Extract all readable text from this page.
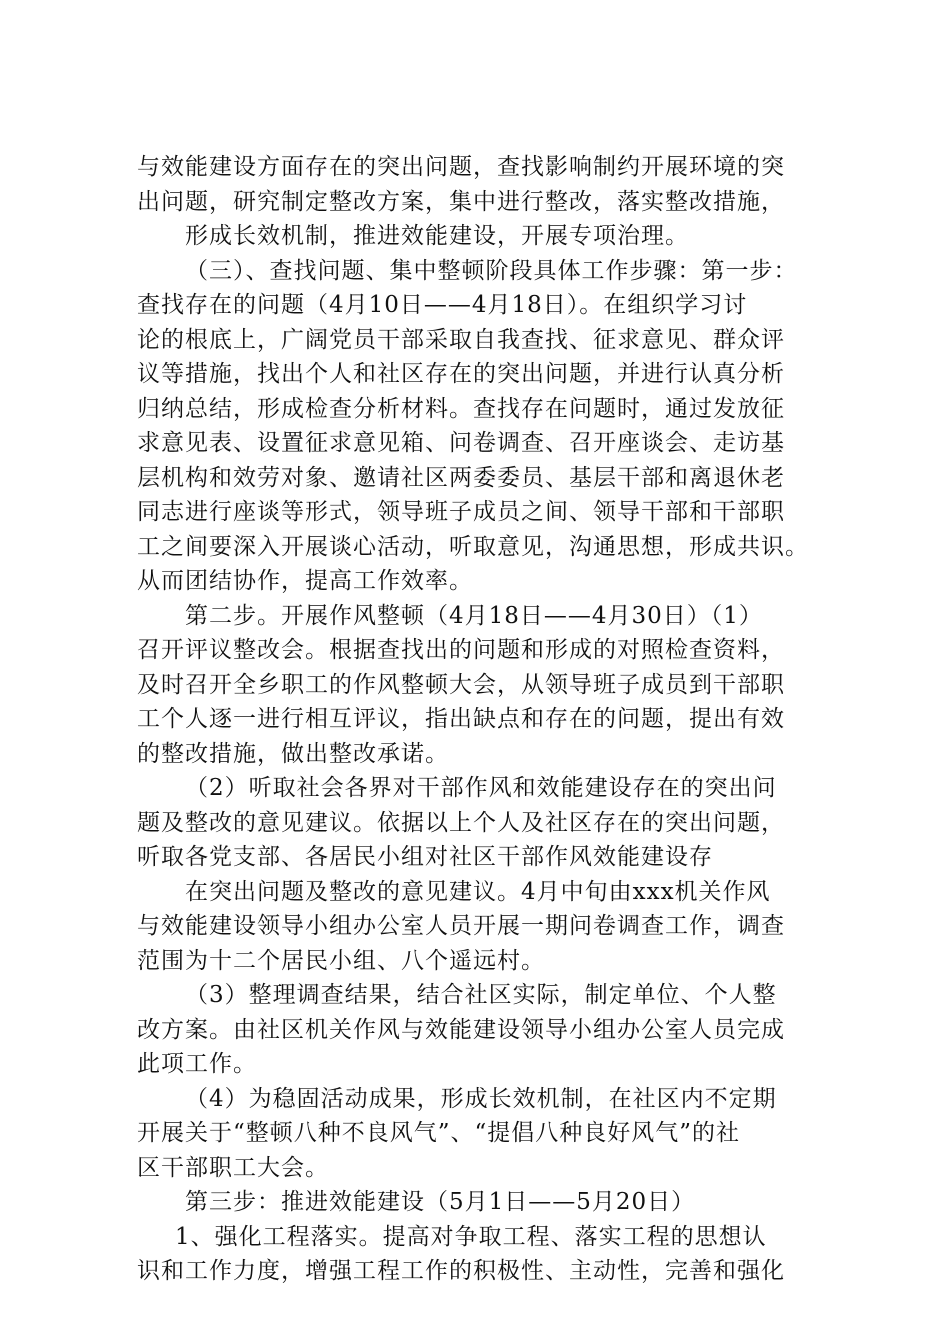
与效能建设方面存在的突出问题，查找影响制约开展环境的突
出问题，研究制定整改方案，集中进行整改，落实整改措施，
形成长效机制，推进效能建设，开展专项治理。
（三）、查找问题、集中整顿阶段具体工作步骤：第一步：
查找存在的问题（4月10日——4月18日）。在组织学习讨
论的根底上，广阔党员干部采取自我查找、征求意见、群众评
议等措施，找出个人和社区存在的突出问题，并进行认真分析
归纳总结，形成检查分析材料。查找存在问题时，通过发放征
求意见表、设置征求意见箱、问卷调查、召开座谈会、走访基
层机构和效劳对象、邀请社区两委委员、基层干部和离退休老
同志进行座谈等形式，领导班子成员之间、领导干部和干部职
工之间要深入开展谈心活动，听取意见，沟通思想，形成共识。
从而团结协作，提高工作效率。
第二步。开展作风整顿（4月18日——4月30日）（1）
召开评议整改会。根据查找出的问题和形成的对照检查资料，
及时召开全乡职工的作风整顿大会，从领导班子成员到干部职
工个人逐一进行相互评议，指出缺点和存在的问题，提出有效
的整改措施，做出整改承诺。
（2）听取社会各界对干部作风和效能建设存在的突出问
题及整改的意见建议。依据以上个人及社区存在的突出问题，
听取各党支部、各居民小组对社区干部作风效能建设存
在突出问题及整改的意见建议。4月中旬由xxx机关作风
与效能建设领导小组办公室人员开展一期问卷调查工作，调查
范围为十二个居民小组、八个遥远村。
（3）整理调查结果，结合社区实际，制定单位、个人整
改方案。由社区机关作风与效能建设领导小组办公室人员完成
此项工作。
（4）为稳固活动成果，形成长效机制，在社区内不定期
开展关于“整顿八种不良风气”、“提倡八种良好风气”的社
区干部职工大会。
第三步：推进效能建设（5月1日——5月20日）
1、强化工程落实。提高对争取工程、落实工程的思想认
识和工作力度，增强工程工作的积极性、主动性，完善和强化
